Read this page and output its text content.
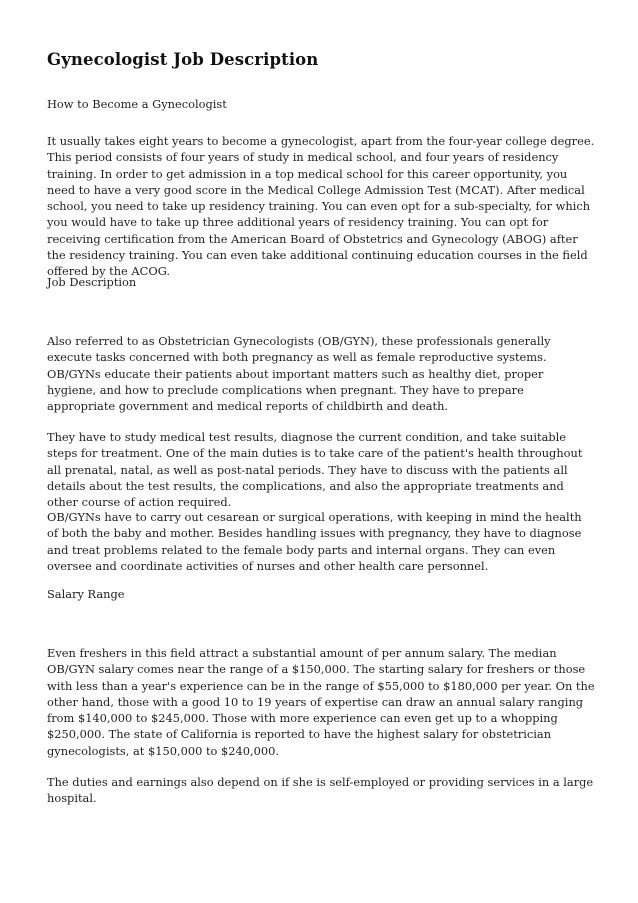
Gynecologist Job Description

How to Become a Gynecologist

It usually takes eight years to become a gynecologist, apart from the four-year college degree. This period consists of four years of study in medical school, and four years of residency training. In order to get admission in a top medical school for this career opportunity, you need to have a very good score in the Medical College Admission Test (MCAT). After medical school, you need to take up residency training. You can even opt for a sub-specialty, for which you would have to take up three additional years of residency training. You can opt for receiving certification from the American Board of Obstetrics and Gynecology (ABOG) after the residency training. You can even take additional continuing education courses in the field offered by the ACOG.

Job Description

Also referred to as Obstetrician Gynecologists (OB/GYN), these professionals generally execute tasks concerned with both pregnancy as well as female reproductive systems. OB/GYNs educate their patients about important matters such as healthy diet, proper hygiene, and how to preclude complications when pregnant. They have to prepare appropriate government and medical reports of childbirth and death.

They have to study medical test results, diagnose the current condition, and take suitable steps for treatment. One of the main duties is to take care of the patient's health throughout all prenatal, natal, as well as post-natal periods. They have to discuss with the patients all details about the test results, the complications, and also the appropriate treatments and other course of action required.

OB/GYNs have to carry out cesarean or surgical operations, with keeping in mind the health of both the baby and mother. Besides handling issues with pregnancy, they have to diagnose and treat problems related to the female body parts and internal organs. They can even oversee and coordinate activities of nurses and other health care personnel.

Salary Range

Even freshers in this field attract a substantial amount of per annum salary. The median OB/GYN salary comes near the range of a $150,000. The starting salary for freshers or those with less than a year's experience can be in the range of $55,000 to $180,000 per year. On the other hand, those with a good 10 to 19 years of expertise can draw an annual salary ranging from $140,000 to $245,000. Those with more experience can even get up to a whopping $250,000. The state of California is reported to have the highest salary for obstetrician gynecologists, at $150,000 to $240,000.

The duties and earnings also depend on if she is self-employed or providing services in a large hospital.
